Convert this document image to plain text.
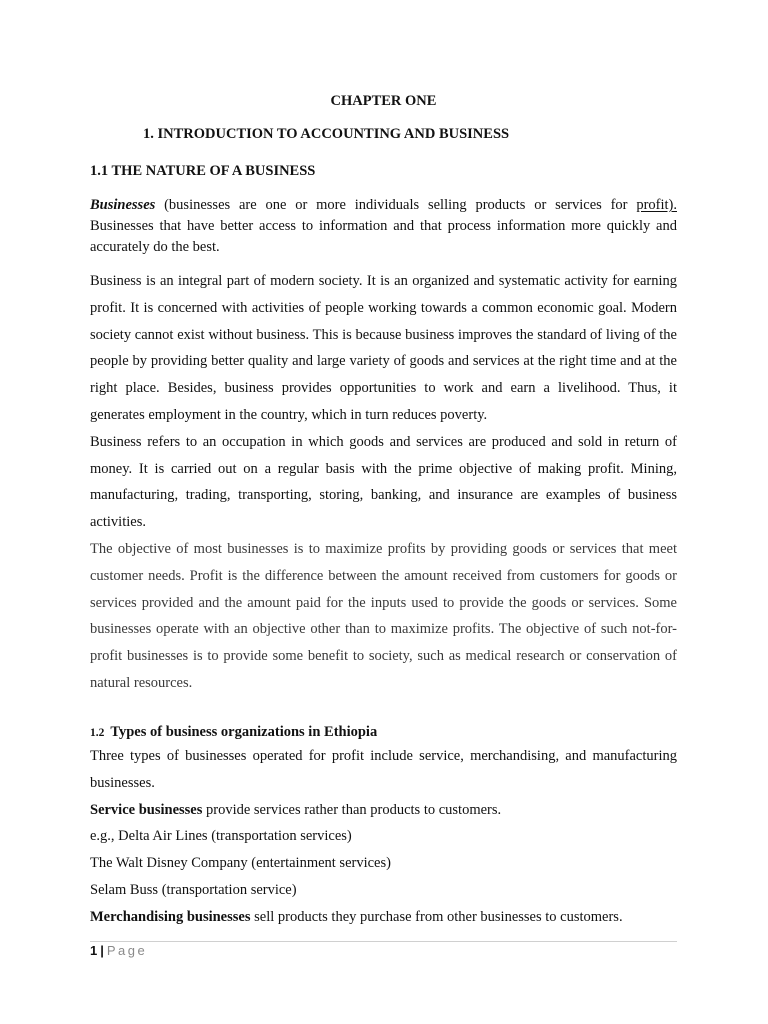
CHAPTER ONE
1. INTRODUCTION TO ACCOUNTING AND BUSINESS
1.1 THE NATURE OF A BUSINESS
Businesses (businesses are one or more individuals selling products or services for profit). Businesses that have better access to information and that process information more quickly and accurately do the best.

Business is an integral part of modern society. It is an organized and systematic activity for earning profit. It is concerned with activities of people working towards a common economic goal. Modern society cannot exist without business. This is because business improves the standard of living of the people by providing better quality and large variety of goods and services at the right time and at the right place. Besides, business provides opportunities to work and earn a livelihood. Thus, it generates employment in the country, which in turn reduces poverty.

Business refers to an occupation in which goods and services are produced and sold in return of money. It is carried out on a regular basis with the prime objective of making profit. Mining, manufacturing, trading, transporting, storing, banking, and insurance are examples of business activities.

The objective of most businesses is to maximize profits by providing goods or services that meet customer needs. Profit is the difference between the amount received from customers for goods or services provided and the amount paid for the inputs used to provide the goods or services. Some businesses operate with an objective other than to maximize profits. The objective of such not-for-profit businesses is to provide some benefit to society, such as medical research or conservation of natural resources.

1.2 Types of business organizations in Ethiopia

Three types of businesses operated for profit include service, merchandising, and manufacturing businesses.

Service businesses provide services rather than products to customers.

e.g., Delta Air Lines (transportation services)

The Walt Disney Company (entertainment services)

Selam Buss (transportation service)

Merchandising businesses sell products they purchase from other businesses to customers.

1 | Page
